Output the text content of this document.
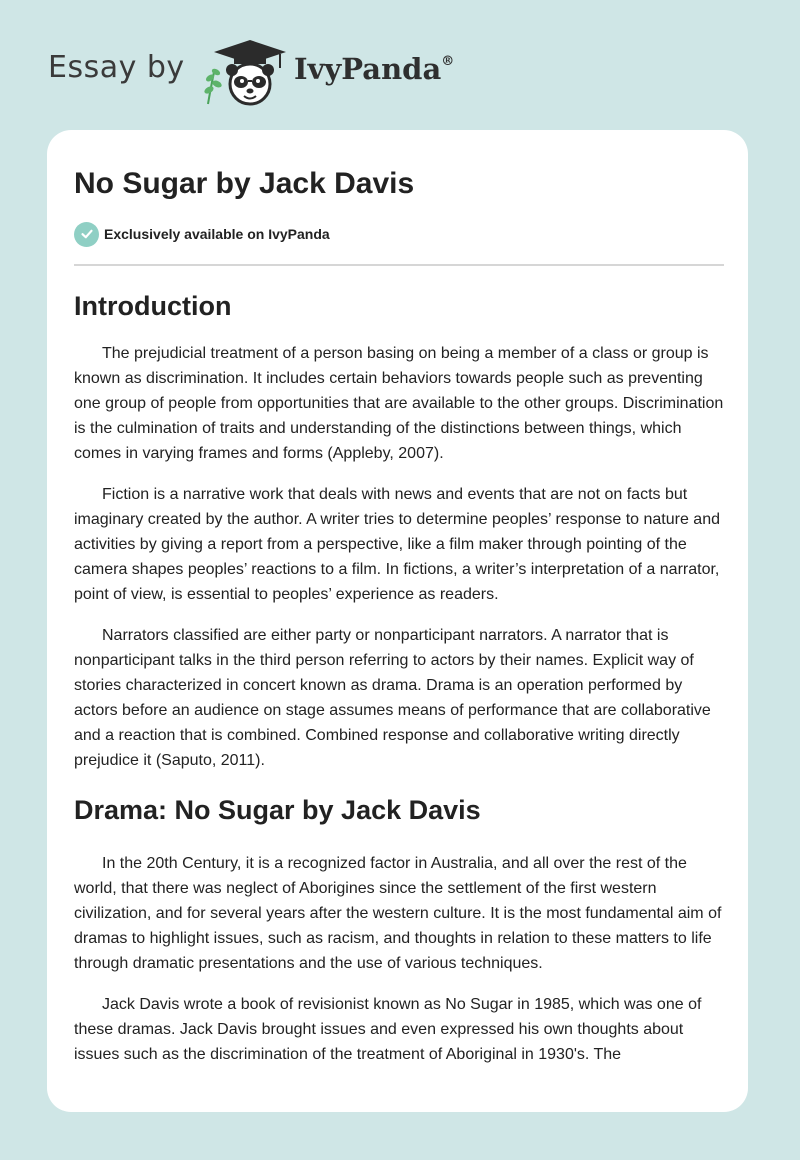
Essay by	IvyPanda®
No Sugar by Jack Davis
Exclusively available on IvyPanda
Introduction

The prejudicial treatment of a person basing on being a member of a class or group is known as discrimination. It includes certain behaviors towards people such as preventing one group of people from opportunities that are available to the other groups. Discrimination is the culmination of traits and understanding of the distinctions between things, which comes in varying frames and forms (Appleby, 2007).

Fiction is a narrative work that deals with news and events that are not on facts but imaginary created by the author. A writer tries to determine peoples’ response to nature and activities by giving a report from a perspective, like a film maker through pointing of the camera shapes peoples’ reactions to a film. In fictions, a writer’s interpretation of a narrator, point of view, is essential to peoples’ experience as readers.

Narrators classified are either party or nonparticipant narrators. A narrator that is nonparticipant talks in the third person referring to actors by their names. Explicit way of stories characterized in concert known as drama. Drama is an operation performed by actors before an audience on stage assumes means of performance that are collaborative and a reaction that is combined. Combined response and collaborative writing directly prejudice it (Saputo, 2011).

Drama: No Sugar by Jack Davis

In the 20th Century, it is a recognized factor in Australia, and all over the rest of the world, that there was neglect of Aborigines since the settlement of the first western civilization, and for several years after the western culture. It is the most fundamental aim of dramas to highlight issues, such as racism, and thoughts in relation to these matters to life through dramatic presentations and the use of various techniques.

Jack Davis wrote a book of revisionist known as No Sugar in 1985, which was one of these dramas. Jack Davis brought issues and even expressed his own thoughts about issues such as the discrimination of the treatment of Aboriginal in 1930's. The
